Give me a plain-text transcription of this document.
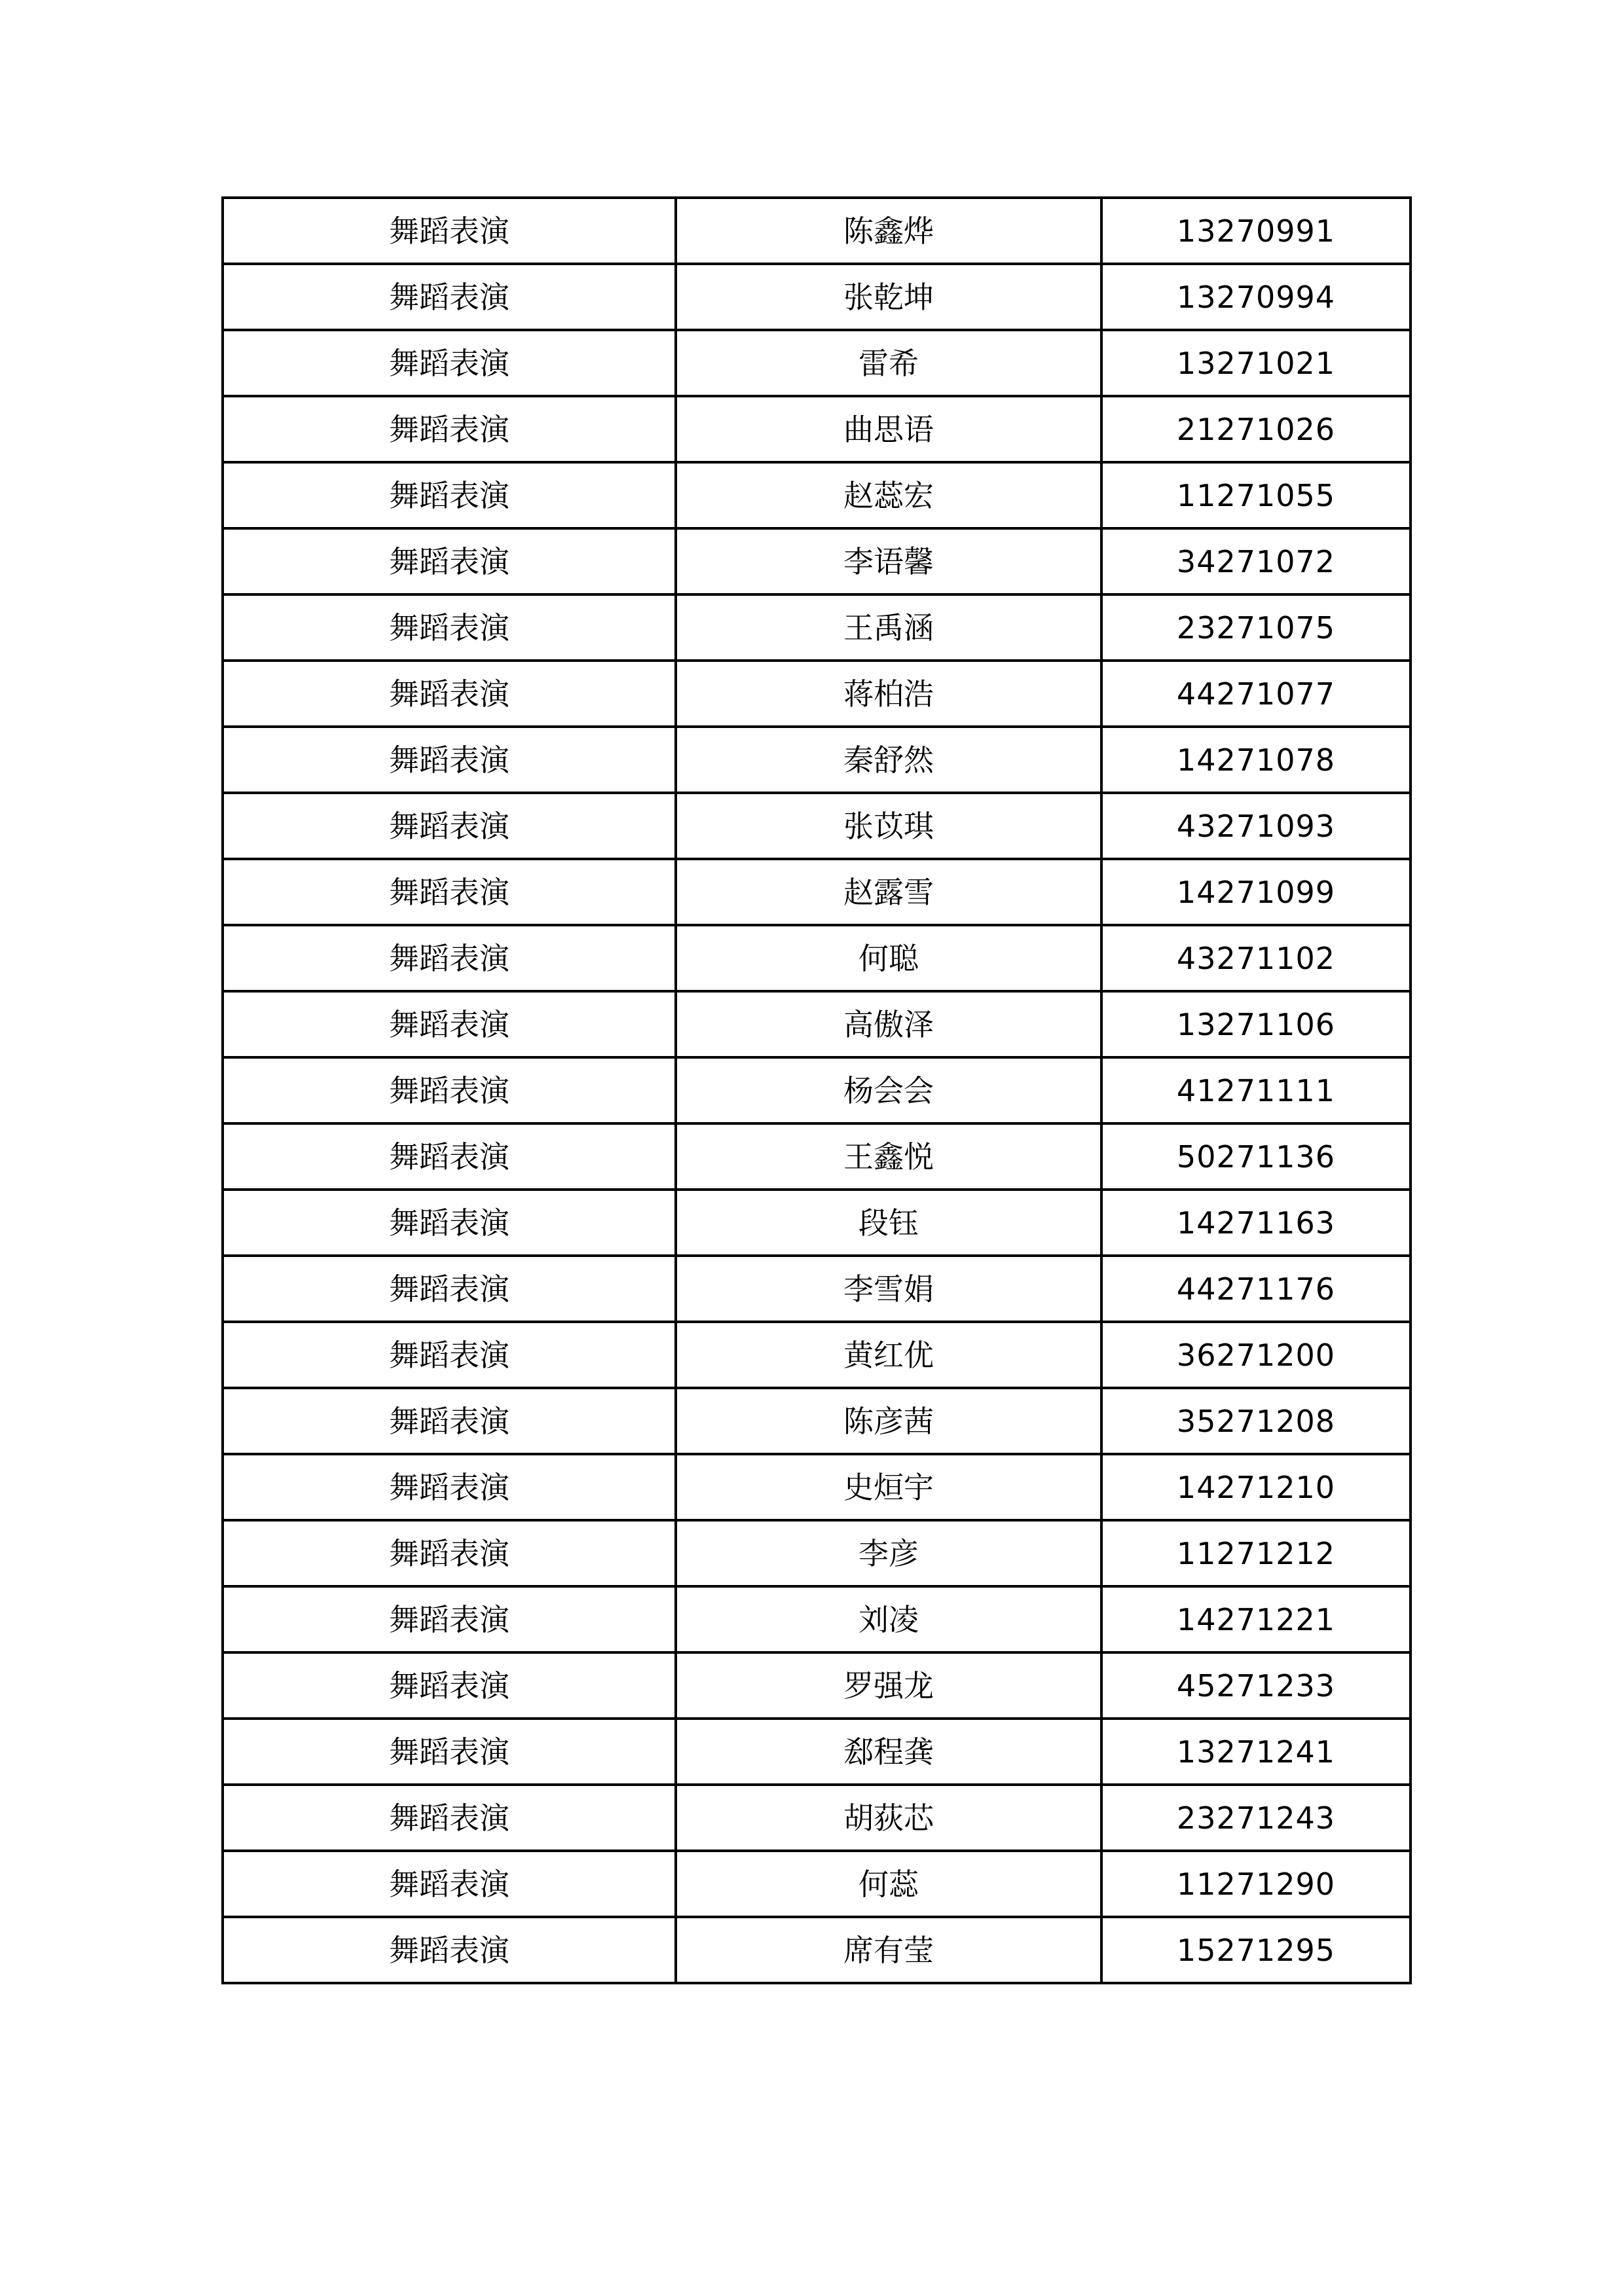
舞蹈表演	陈鑫烨	13270991
舞蹈表演	张乾坤	13270994
舞蹈表演	雷希	13271021
舞蹈表演	曲思语	21271026
舞蹈表演	赵蕊宏	11271055
舞蹈表演	李语馨	34271072
舞蹈表演	王禹涵	23271075
舞蹈表演	蒋柏浩	44271077
舞蹈表演	秦舒然	14271078
舞蹈表演	张苡琪	43271093
舞蹈表演	赵露雪	14271099
舞蹈表演	何聪	43271102
舞蹈表演	高傲泽	13271106
舞蹈表演	杨会会	41271111
舞蹈表演	王鑫悦	50271136
舞蹈表演	段钰	14271163
舞蹈表演	李雪娟	44271176
舞蹈表演	黄红优	36271200
舞蹈表演	陈彦茜	35271208
舞蹈表演	史烜宇	14271210
舞蹈表演	李彦	11271212
舞蹈表演	刘凌	14271221
舞蹈表演	罗强龙	45271233
舞蹈表演	郄程龚	13271241
舞蹈表演	胡荻芯	23271243
舞蹈表演	何蕊	11271290
舞蹈表演	席有莹	15271295
